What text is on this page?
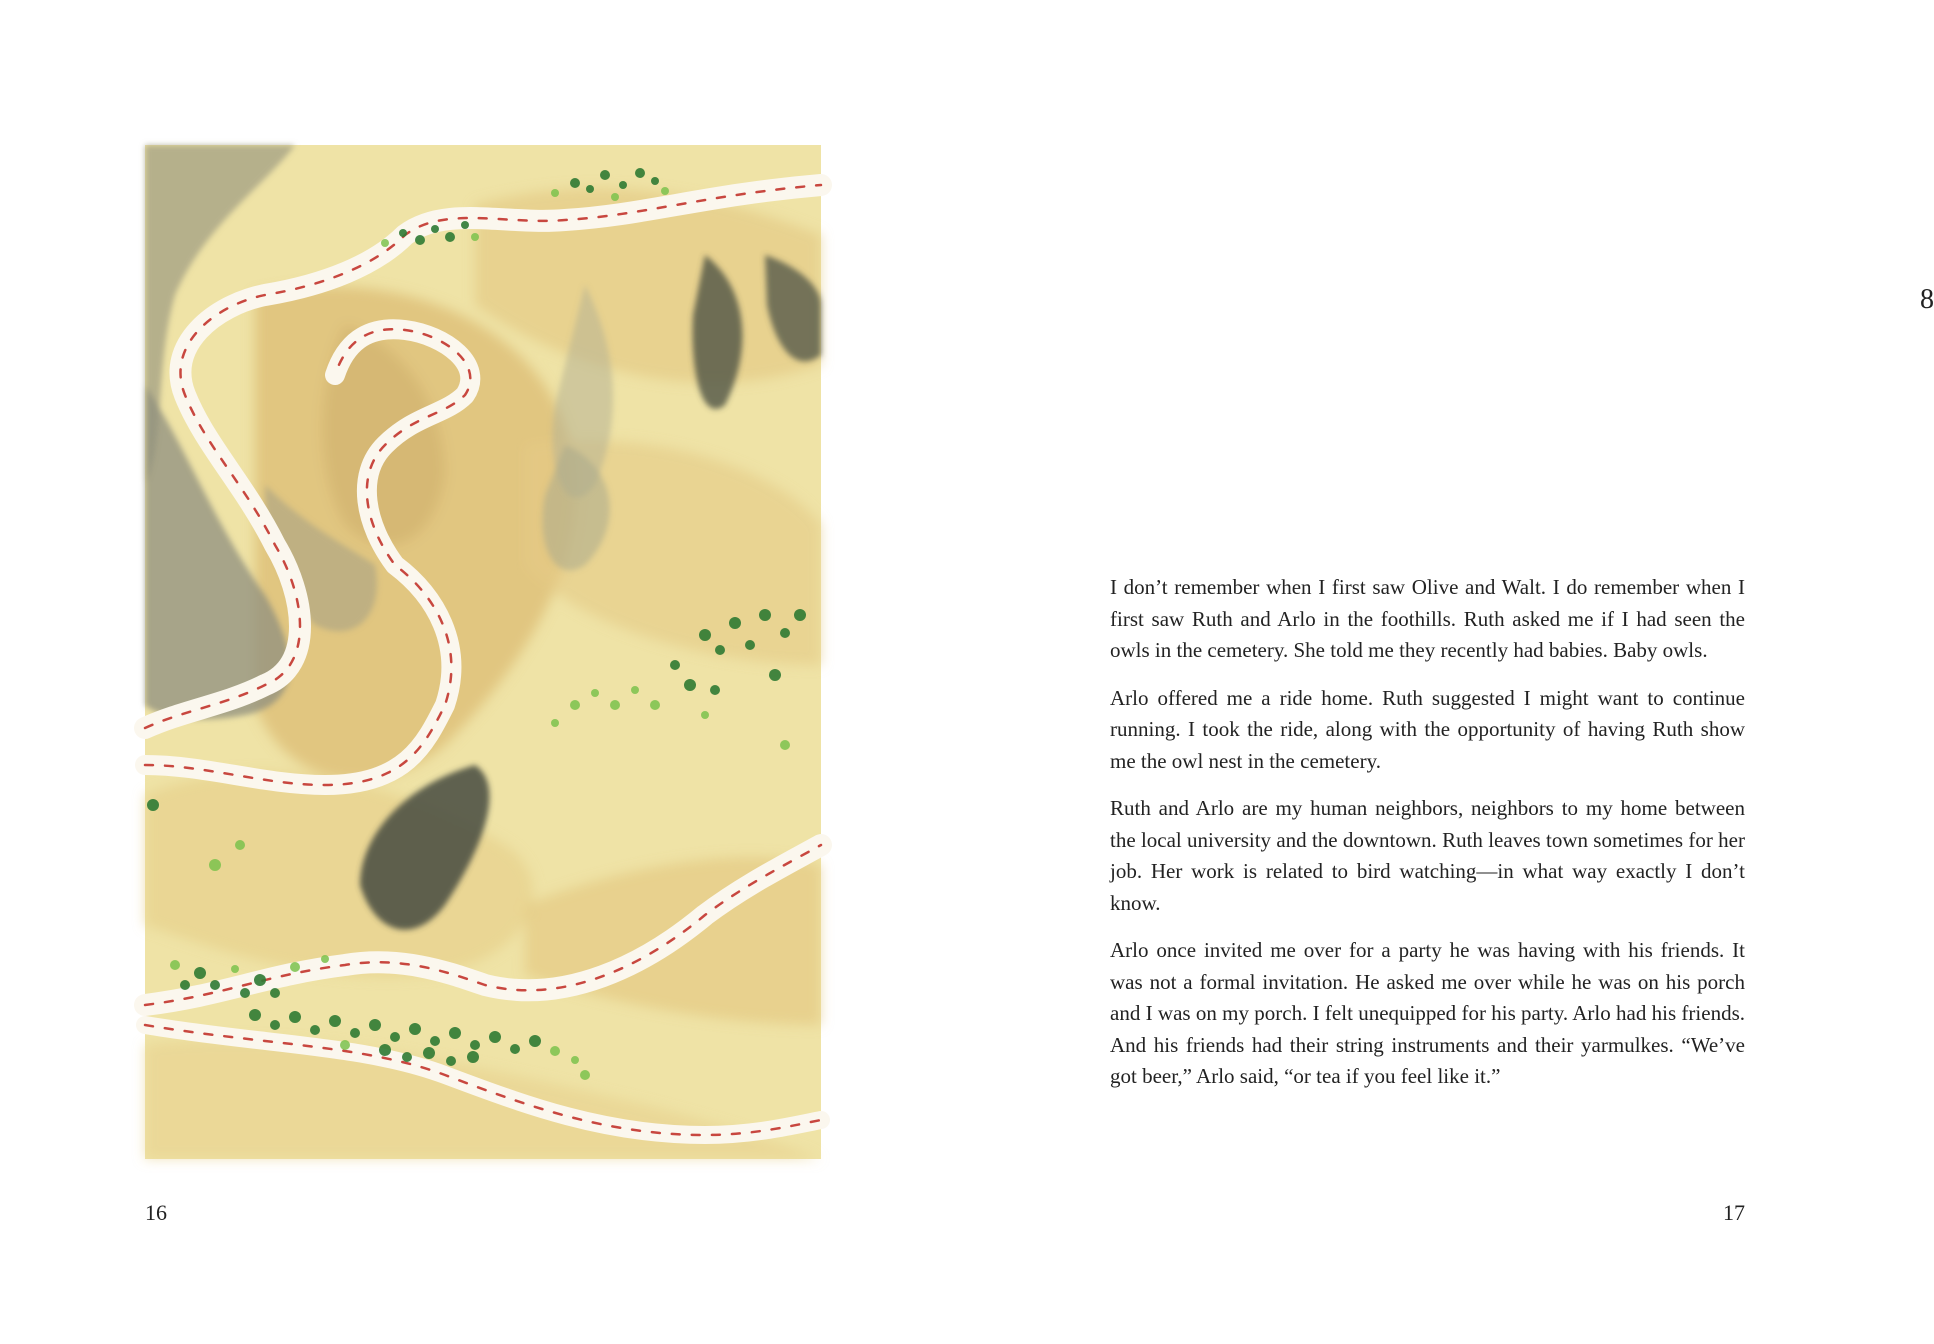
16
8

I don’t remember when I first saw Olive and Walt. I do remember when I first saw Ruth and Arlo in the foothills. Ruth asked me if I had seen the owls in the cemetery. She told me they recently had babies. Baby owls.

Arlo offered me a ride home. Ruth suggested I might want to continue running. I took the ride, along with the opportunity of having Ruth show me the owl nest in the cemetery.

Ruth and Arlo are my human neighbors, neighbors to my home between the local university and the downtown. Ruth leaves town sometimes for her job. Her work is related to bird watching—in what way exactly I don’t know.

Arlo once invited me over for a party he was having with his friends. It was not a formal invitation. He asked me over while he was on his porch and I was on my porch. I felt unequipped for his party. Arlo had his friends. And his friends had their string instruments and their yarmulkes. “We’ve got beer,” Arlo said, “or tea if you feel like it.”

17
